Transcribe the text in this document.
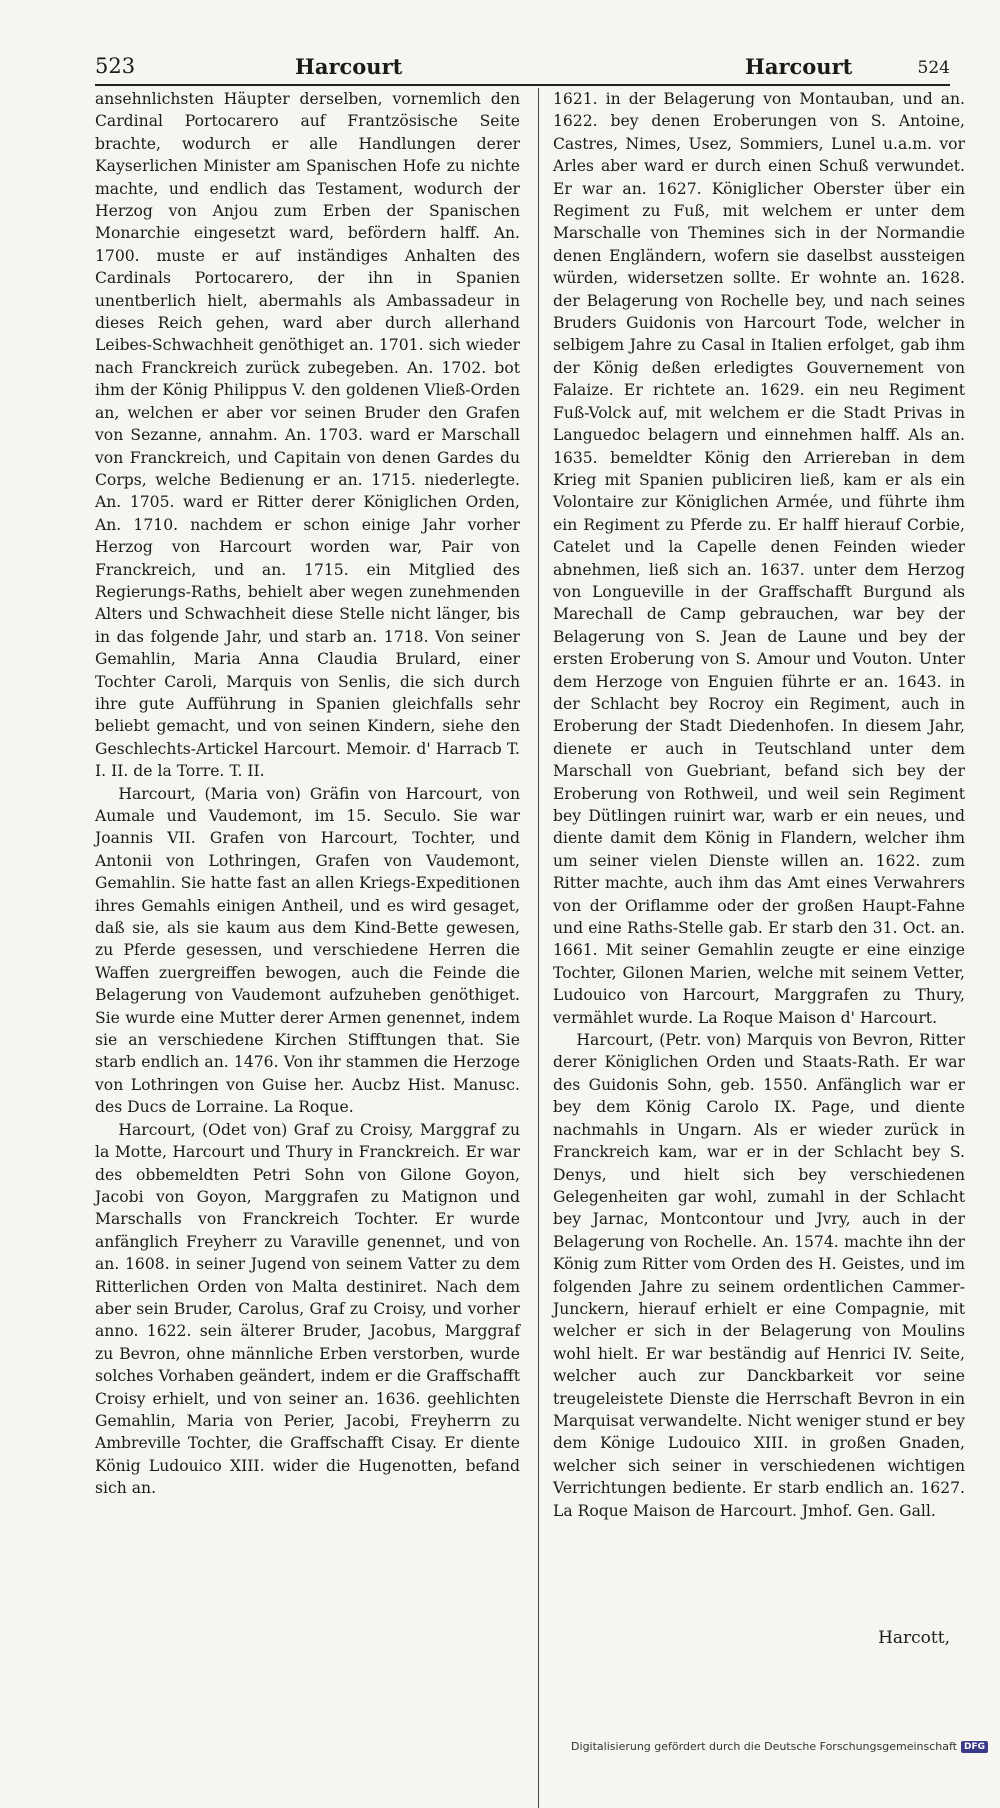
523	Harcourt	Harcourt	524

ansehnlichsten Häupter derselben, vornemlich den Cardinal Portocarero auf Frantzösische Seite brachte, wodurch er alle Handlungen derer Kayserlichen Minister am Spanischen Hofe zu nichte machte, und endlich das Testament, wodurch der Herzog von Anjou zum Erben der Spanischen Monarchie eingesetzt ward, befördern halff. An. 1700. muste er auf inständiges Anhalten des Cardinals Portocarero, der ihn in Spanien unentberlich hielt, abermahls als Ambassadeur in dieses Reich gehen, ward aber durch allerhand Leibes-Schwachheit genöthiget an. 1701. sich wieder nach Franckreich zurück zubegeben. An. 1702. bot ihm der König Philippus V. den goldenen Vließ-Orden an, welchen er aber vor seinen Bruder den Grafen von Sezanne, annahm. An. 1703. ward er Marschall von Franckreich, und Capitain von denen Gardes du Corps, welche Bedienung er an. 1715. niederlegte. An. 1705. ward er Ritter derer Königlichen Orden, An. 1710. nachdem er schon einige Jahr vorher Herzog von Harcourt worden war, Pair von Franckreich, und an. 1715. ein Mitglied des Regierungs-Raths, behielt aber wegen zunehmenden Alters und Schwachheit diese Stelle nicht länger, bis in das folgende Jahr, und starb an. 1718. Von seiner Gemahlin, Maria Anna Claudia Brulard, einer Tochter Caroli, Marquis von Senlis, die sich durch ihre gute Aufführung in Spanien gleichfalls sehr beliebt gemacht, und von seinen Kindern, siehe den Geschlechts-Artickel Harcourt. Memoir. d' Harracb T. I. II. de la Torre. T. II.

Harcourt, (Maria von) Gräfin von Harcourt, von Aumale und Vaudemont, im 15. Seculo. Sie war Joannis VII. Grafen von Harcourt, Tochter, und Antonii von Lothringen, Grafen von Vaudemont, Gemahlin. Sie hatte fast an allen Kriegs-Expeditionen ihres Gemahls einigen Antheil, und es wird gesaget, daß sie, als sie kaum aus dem Kind-Bette gewesen, zu Pferde gesessen, und verschiedene Herren die Waffen zuergreiffen bewogen, auch die Feinde die Belagerung von Vaudemont aufzuheben genöthiget. Sie wurde eine Mutter derer Armen genennet, indem sie an verschiedene Kirchen Stifftungen that. Sie starb endlich an. 1476. Von ihr stammen die Herzoge von Lothringen von Guise her. Aucbz Hist. Manusc. des Ducs de Lorraine. La Roque.

Harcourt, (Odet von) Graf zu Croisy, Marggraf zu la Motte, Harcourt und Thury in Franckreich. Er war des obbemeldten Petri Sohn von Gilone Goyon, Jacobi von Goyon, Marggrafen zu Matignon und Marschalls von Franckreich Tochter. Er wurde anfänglich Freyherr zu Varaville genennet, und von an. 1608. in seiner Jugend von seinem Vatter zu dem Ritterlichen Orden von Malta destiniret. Nach dem aber sein Bruder, Carolus, Graf zu Croisy, und vorher anno. 1622. sein älterer Bruder, Jacobus, Marggraf zu Bevron, ohne männliche Erben verstorben, wurde solches Vorhaben geändert, indem er die Graffschafft Croisy erhielt, und von seiner an. 1636. geehlichten Gemahlin, Maria von Perier, Jacobi, Freyherrn zu Ambreville Tochter, die Graffschafft Cisay. Er diente König Ludouico XIII. wider die Hugenotten, befand sich an.

1621. in der Belagerung von Montauban, und an. 1622. bey denen Eroberungen von S. Antoine, Castres, Nimes, Usez, Sommiers, Lunel u.a.m. vor Arles aber ward er durch einen Schuß verwundet. Er war an. 1627. Königlicher Oberster über ein Regiment zu Fuß, mit welchem er unter dem Marschalle von Themines sich in der Normandie denen Engländern, wofern sie daselbst aussteigen würden, widersetzen sollte. Er wohnte an. 1628. der Belagerung von Rochelle bey, und nach seines Bruders Guidonis von Harcourt Tode, welcher in selbigem Jahre zu Casal in Italien erfolget, gab ihm der König deßen erledigtes Gouvernement von Falaize. Er richtete an. 1629. ein neu Regiment Fuß-Volck auf, mit welchem er die Stadt Privas in Languedoc belagern und einnehmen halff. Als an. 1635. bemeldter König den Arriereban in dem Krieg mit Spanien publiciren ließ, kam er als ein Volontaire zur Königlichen Armée, und führte ihm ein Regiment zu Pferde zu. Er halff hierauf Corbie, Catelet und la Capelle denen Feinden wieder abnehmen, ließ sich an. 1637. unter dem Herzog von Longueville in der Graffschafft Burgund als Marechall de Camp gebrauchen, war bey der Belagerung von S. Jean de Laune und bey der ersten Eroberung von S. Amour und Vouton. Unter dem Herzoge von Enguien führte er an. 1643. in der Schlacht bey Rocroy ein Regiment, auch in Eroberung der Stadt Diedenhofen. In diesem Jahr, dienete er auch in Teutschland unter dem Marschall von Guebriant, befand sich bey der Eroberung von Rothweil, und weil sein Regiment bey Dütlingen ruinirt war, warb er ein neues, und diente damit dem König in Flandern, welcher ihm um seiner vielen Dienste willen an. 1622. zum Ritter machte, auch ihm das Amt eines Verwahrers von der Oriflamme oder der großen Haupt-Fahne und eine Raths-Stelle gab. Er starb den 31. Oct. an. 1661. Mit seiner Gemahlin zeugte er eine einzige Tochter, Gilonen Marien, welche mit seinem Vetter, Ludouico von Harcourt, Marggrafen zu Thury, vermählet wurde. La Roque Maison d' Harcourt.

Harcourt, (Petr. von) Marquis von Bevron, Ritter derer Königlichen Orden und Staats-Rath. Er war des Guidonis Sohn, geb. 1550. Anfänglich war er bey dem König Carolo IX. Page, und diente nachmahls in Ungarn. Als er wieder zurück in Franckreich kam, war er in der Schlacht bey S. Denys, und hielt sich bey verschiedenen Gelegenheiten gar wohl, zumahl in der Schlacht bey Jarnac, Montcontour und Jvry, auch in der Belagerung von Rochelle. An. 1574. machte ihn der König zum Ritter vom Orden des H. Geistes, und im folgenden Jahre zu seinem ordentlichen Cammer-Junckern, hierauf erhielt er eine Compagnie, mit welcher er sich in der Belagerung von Moulins wohl hielt. Er war beständig auf Henrici IV. Seite, welcher auch zur Danckbarkeit vor seine treugeleistete Dienste die Herrschaft Bevron in ein Marquisat verwandelte. Nicht weniger stund er bey dem Könige Ludouico XIII. in großen Gnaden, welcher sich seiner in verschiedenen wichtigen Verrichtungen bediente. Er starb endlich an. 1627. La Roque Maison de Harcourt. Jmhof. Gen. Gall.

Harcott,
Digitalisierung gefördert durch die Deutsche Forschungsgemeinschaft DFG
